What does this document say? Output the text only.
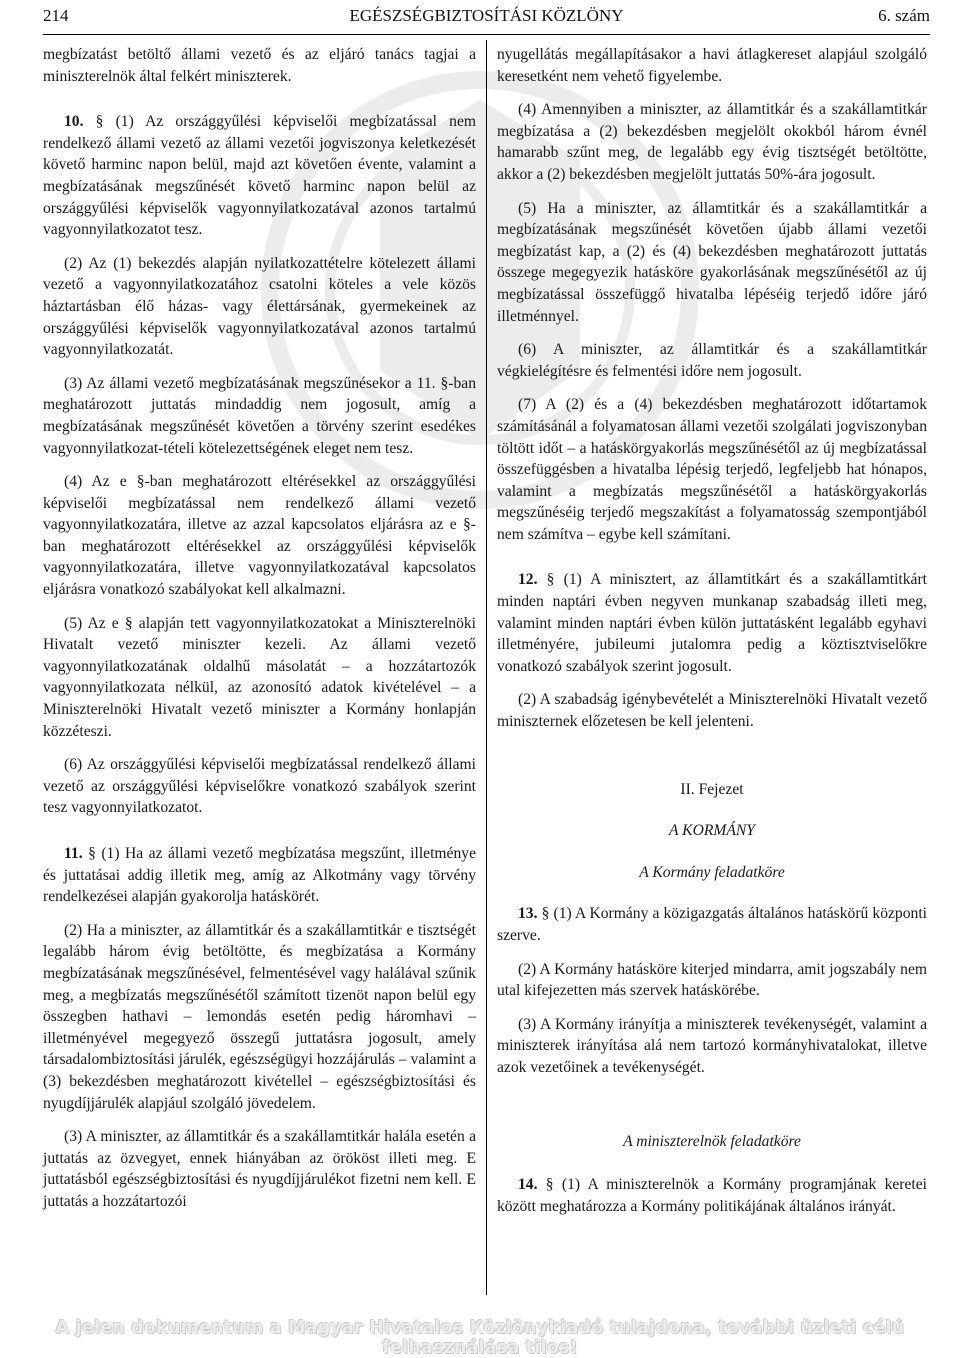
214	EGÉSZSÉGBIZTOSÍTÁSI KÖZLÖNY	6. szám

megbízatást betöltő állami vezető és az eljáró tanács tagjai a miniszterelnök által felkért miniszterek.

10. § (1) Az országgyűlési képviselői megbízatással nem rendelkező állami vezető az állami vezetői jogviszonya keletkezését követő harminc napon belül, majd azt követően évente, valamint a megbízatásának megszűnését követő harminc napon belül az országgyűlési képviselők vagyonnyilatkozatával azonos tartalmú vagyonnyilatkozatot tesz.

(2) Az (1) bekezdés alapján nyilatkozattételre kötelezett állami vezető a vagyonnyilatkozatához csatolni köteles a vele közös háztartásban élő házas- vagy élettársának, gyermekeinek az országgyűlési képviselők vagyonnyilatkozatával azonos tartalmú vagyonnyilatkozatát.

(3) Az állami vezető megbízatásának megszűnésekor a 11. §-ban meghatározott juttatás mindaddig nem jogosult, amíg a megbízatásának megszűnését követően a törvény szerint esedékes vagyonnyilatkozat-tételi kötelezettségének eleget nem tesz.

(4) Az e §-ban meghatározott eltérésekkel az országgyűlési képviselői megbízatással nem rendelkező állami vezető vagyonnyilatkozatára, illetve az azzal kapcsolatos eljárásra az e §-ban meghatározott eltérésekkel az országgyűlési képviselők vagyonnyilatkozatára, illetve vagyonnyilatkozatával kapcsolatos eljárásra vonatkozó szabályokat kell alkalmazni.

(5) Az e § alapján tett vagyonnyilatkozatokat a Miniszterelnöki Hivatalt vezető miniszter kezeli. Az állami vezető vagyonnyilatkozatának oldalhű másolatát – a hozzátartozók vagyonnyilatkozata nélkül, az azonosító adatok kivételével – a Miniszterelnöki Hivatalt vezető miniszter a Kormány honlapján közzéteszi.

(6) Az országgyűlési képviselői megbízatással rendelkező állami vezető az országgyűlési képviselőkre vonatkozó szabályok szerint tesz vagyonnyilatkozatot.

11. § (1) Ha az állami vezető megbízatása megszűnt, illetménye és juttatásai addig illetik meg, amíg az Alkotmány vagy törvény rendelkezései alapján gyakorolja hatáskörét.

(2) Ha a miniszter, az államtitkár és a szakállamtitkár e tisztségét legalább három évig betöltötte, és megbízatása a Kormány megbízatásának megszűnésével, felmentésével vagy halálával szűnik meg, a megbízatás megszűnésétől számított tizenöt napon belül egy összegben hathavi – lemondás esetén pedig háromhavi – illetményével megegyező összegű juttatásra jogosult, amely társadalombiztosítási járulék, egészségügyi hozzájárulás – valamint a (3) bekezdésben meghatározott kivétellel – egészségbiztosítási és nyugdíjjárulék alapjául szolgáló jövedelem.

(3) A miniszter, az államtitkár és a szakállamtitkár halála esetén a juttatás az özvegyet, ennek hiányában az örököst illeti meg. E juttatásból egészségbiztosítási és nyugdíjjárulékot fizetni nem kell. E juttatás a hozzátartozói

nyugellátás megállapításakor a havi átlagkereset alapjául szolgáló keresetként nem vehető figyelembe.

(4) Amennyiben a miniszter, az államtitkár és a szakállamtitkár megbízatása a (2) bekezdésben megjelölt okokból három évnél hamarabb szűnt meg, de legalább egy évig tisztségét betöltötte, akkor a (2) bekezdésben megjelölt juttatás 50%-ára jogosult.

(5) Ha a miniszter, az államtitkár és a szakállamtitkár a megbízatásának megszűnését követően újabb állami vezetői megbízatást kap, a (2) és (4) bekezdésben meghatározott juttatás összege megegyezik hatásköre gyakorlásának megszűnésétől az új megbízatással összefüggő hivatalba lépéséig terjedő időre járó illetménnyel.

(6) A miniszter, az államtitkár és a szakállamtitkár végkielégítésre és felmentési időre nem jogosult.

(7) A (2) és a (4) bekezdésben meghatározott időtartamok számításánál a folyamatosan állami vezetői szolgálati jogviszonyban töltött időt – a hatáskörgyakorlás megszűnésétől az új megbízatással összefüggésben a hivatalba lépésig terjedő, legfeljebb hat hónapos, valamint a megbízatás megszűnésétől a hatáskörgyakorlás megszűnéséig terjedő megszakítást a folyamatosság szempontjából nem számítva – egybe kell számítani.

12. § (1) A minisztert, az államtitkárt és a szakállamtitkárt minden naptári évben negyven munkanap szabadság illeti meg, valamint minden naptári évben külön juttatásként legalább egyhavi illetményére, jubileumi jutalomra pedig a köztisztviselőkre vonatkozó szabályok szerint jogosult.

(2) A szabadság igénybevételét a Miniszterelnöki Hivatalt vezető miniszternek előzetesen be kell jelenteni.

II. Fejezet

A KORMÁNY

A Kormány feladatköre

13. § (1) A Kormány a közigazgatás általános hatáskörű központi szerve.

(2) A Kormány hatásköre kiterjed mindarra, amit jogszabály nem utal kifejezetten más szervek hatáskörébe.

(3) A Kormány irányítja a miniszterek tevékenységét, valamint a miniszterek irányítása alá nem tartozó kormányhivatalokat, illetve azok vezetőinek a tevékenységét.

A miniszterelnök feladatköre

14. § (1) A miniszterelnök a Kormány programjának keretei között meghatározza a Kormány politikájának általános irányát.

A jelen dokumentum a Magyar Hivatalos Közlönykiadó tulajdona, további üzleti célú felhasználása tilos!
